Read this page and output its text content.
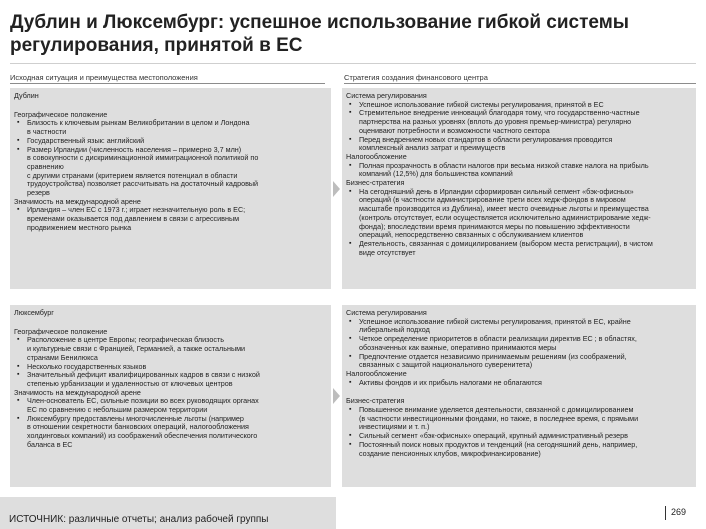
Дублин и Люксембург: успешное использование гибкой системы
регулирования, принятой в ЕС
Исходная ситуация и преимущества местоположения	Стратегия создания финансового центра
Дублин
Географическое положение
▪ Близость к ключевым рынкам Великобритании в целом и Лондона
в частности
▪ Государственный язык: английский
▪ Размер Ирландии (численность населения – примерно 3,7 млн)
в совокупности с дискриминационной иммиграционной политикой по
сравнению
с другими странами (критерием является потенциал в области
трудоустройства) позволяет рассчитывать на достаточный кадровый
резерв
Значимость на международной арене
▪ Ирландия – член ЕС с 1973 г.; играет незначительную роль в ЕС;
временами оказывается под давлением в связи с агрессивным
продвижением местного рынка
Система регулирования
▪ Успешное использование гибкой системы регулирования, принятой в ЕС
▪ Стремительное внедрение инноваций благодаря тому, что государственно-частные
партнерства на разных уровнях (вплоть до уровня премьер-министра) регулярно
оценивают потребности и возможности частного сектора
▪ Перед внедрением новых стандартов в области регулирования проводится
комплексный анализ затрат и преимуществ
Налогообложение
▪ Полная прозрачность в области налогов при весьма низкой ставке налога на прибыль
компаний (12,5%) для большинства компаний
Бизнес-стратегия
▪ На сегодняшний день в Ирландии сформирован сильный сегмент «бэк-офисных»
операций (в частности администрирование трети всех хедж-фондов в мировом
масштабе производится из Дублина), имеет место очевидные льготы и преимущества
(контроль отсутствует, если осуществляется исключительно администрирование хедж-
фонда); впоследствии время принимаются меры по повышению эффективности
операций, непосредственно связанных с обслуживанием клиентов
▪ Деятельность, связанная с домицилированием (выбором места регистрации), в чистом
виде отсутствует
Люксембург
Географическое положение
▪ Расположение в центре Европы; географическая близость
и культурные связи с Францией, Германией, а также остальными
странами Бенилюкса
▪ Несколько государственных языков
▪ Значительный дефицит квалифицированных кадров в связи с низкой
степенью урбанизации и удаленностью от ключевых центров
Значимость на международной арене
▪ Член-основатель ЕС, сильные позиции во всех руководящих органах
ЕС по сравнению с небольшим размером территории
▪ Люксембургу предоставлены многочисленные льготы (например
в отношении секретности банковских операций, налогообложения
холдинговых компаний) из соображений обеспечения политического
баланса в ЕС
Система регулирования
▪ Успешное использование гибкой системы регулирования, принятой в ЕС, крайне
либеральный подход
▪ Четкое определение приоритетов в области реализации директив ЕС ; в областях,
обозначенных как важные, оперативно принимаются меры
▪ Предпочтение отдается независимо принимаемым решениям (из соображений,
связанных с защитой национального суверенитета)
Налогообложение
▪ Активы фондов и их прибыль налогами не облагаются
Бизнес-стратегия
▪ Повышенное внимание уделяется деятельности, связанной с домицилированием
(в частности инвестиционными фондами, но также, в последнее время, с прямыми
инвестициями и т. п.)
▪ Сильный сегмент «бэк-офисных» операций, крупный административный резерв
▪ Постоянный поиск новых продуктов и тенденций (на сегодняшний день, например,
создание пенсионных клубов, микрофинансирование)
ИСТОЧНИК: различные отчеты; анализ рабочей группы
269
